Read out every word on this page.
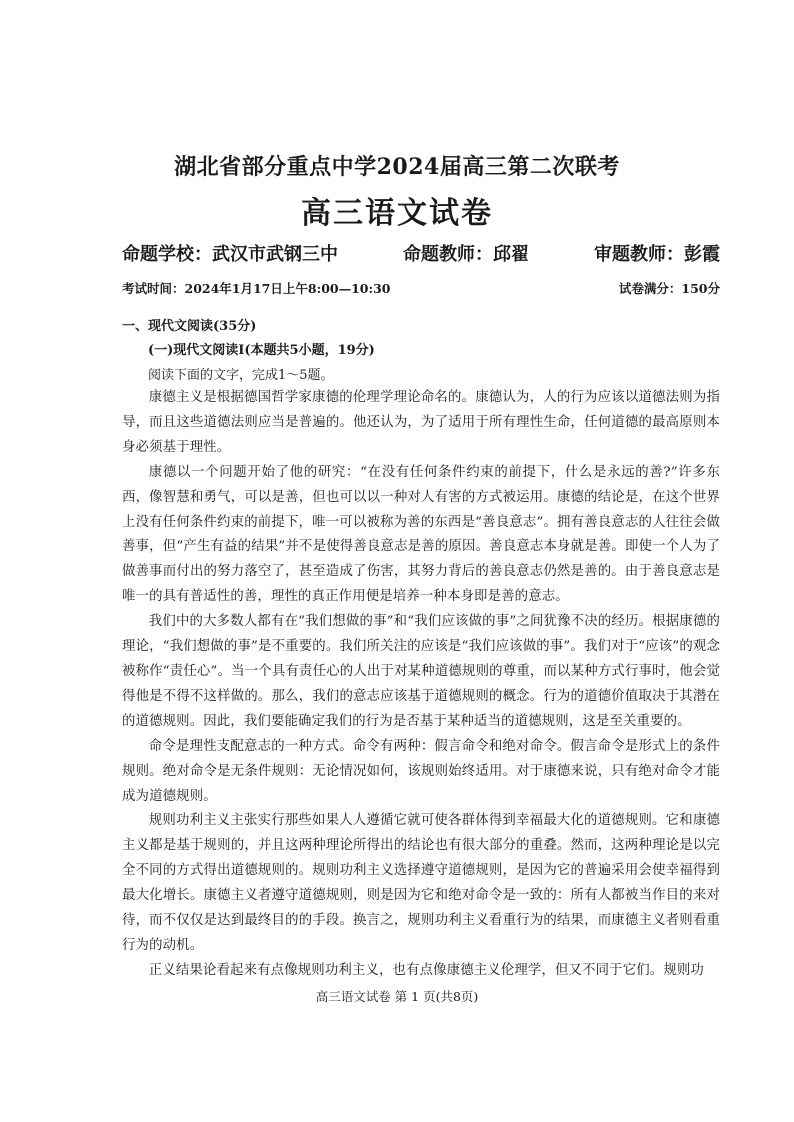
湖北省部分重点中学2024届高三第二次联考
高三语文试卷
命题学校：武汉市武钢三中	命题教师：邱翟	审题教师：彭霞
考试时间：2024年1月17日上午8:00—10:30	试卷满分：150分
一、现代文阅读(35分)
(一)现代文阅读Ⅰ(本题共5小题，19分)
阅读下面的文字，完成1～5题。

康德主义是根据德国哲学家康德的伦理学理论命名的。康德认为，人的行为应该以道德法则为指导，而且这些道德法则应当是普遍的。他还认为，为了适用于所有理性生命，任何道德的最高原则本身必须基于理性。

康德以一个问题开始了他的研究：“在没有任何条件约束的前提下，什么是永远的善?”许多东西，像智慧和勇气，可以是善，但也可以以一种对人有害的方式被运用。康德的结论是，在这个世界上没有任何条件约束的前提下，唯一可以被称为善的东西是“善良意志”。拥有善良意志的人往往会做善事，但“产生有益的结果”并不是使得善良意志是善的原因。善良意志本身就是善。即使一个人为了做善事而付出的努力落空了，甚至造成了伤害，其努力背后的善良意志仍然是善的。由于善良意志是唯一的具有普适性的善，理性的真正作用便是培养一种本身即是善的意志。

我们中的大多数人都有在“我们想做的事”和“我们应该做的事”之间犹豫不决的经历。根据康德的理论，“我们想做的事”是不重要的。我们所关注的应该是“我们应该做的事”。我们对于“应该”的观念被称作“责任心”。当一个具有责任心的人出于对某种道德规则的尊重，而以某种方式行事时，他会觉得他是不得不这样做的。那么，我们的意志应该基于道德规则的概念。行为的道德价值取决于其潜在的道德规则。因此，我们要能确定我们的行为是否基于某种适当的道德规则，这是至关重要的。

命令是理性支配意志的一种方式。命令有两种：假言命令和绝对命令。假言命令是形式上的条件规则。绝对命令是无条件规则：无论情况如何，该规则始终适用。对于康德来说，只有绝对命令才能成为道德规则。

规则功利主义主张实行那些如果人人遵循它就可使各群体得到幸福最大化的道德规则。它和康德主义都是基于规则的，并且这两种理论所得出的结论也有很大部分的重叠。然而，这两种理论是以完全不同的方式得出道德规则的。规则功利主义选择遵守道德规则，是因为它的普遍采用会使幸福得到最大化增长。康德主义者遵守道德规则，则是因为它和绝对命令是一致的：所有人都被当作目的来对待，而不仅仅是达到最终目的的手段。换言之，规则功利主义看重行为的结果，而康德主义者则看重行为的动机。

正义结果论看起来有点像规则功利主义，也有点像康德主义伦理学，但又不同于它们。规则功

高三语文试卷 第 1 页(共8页)
